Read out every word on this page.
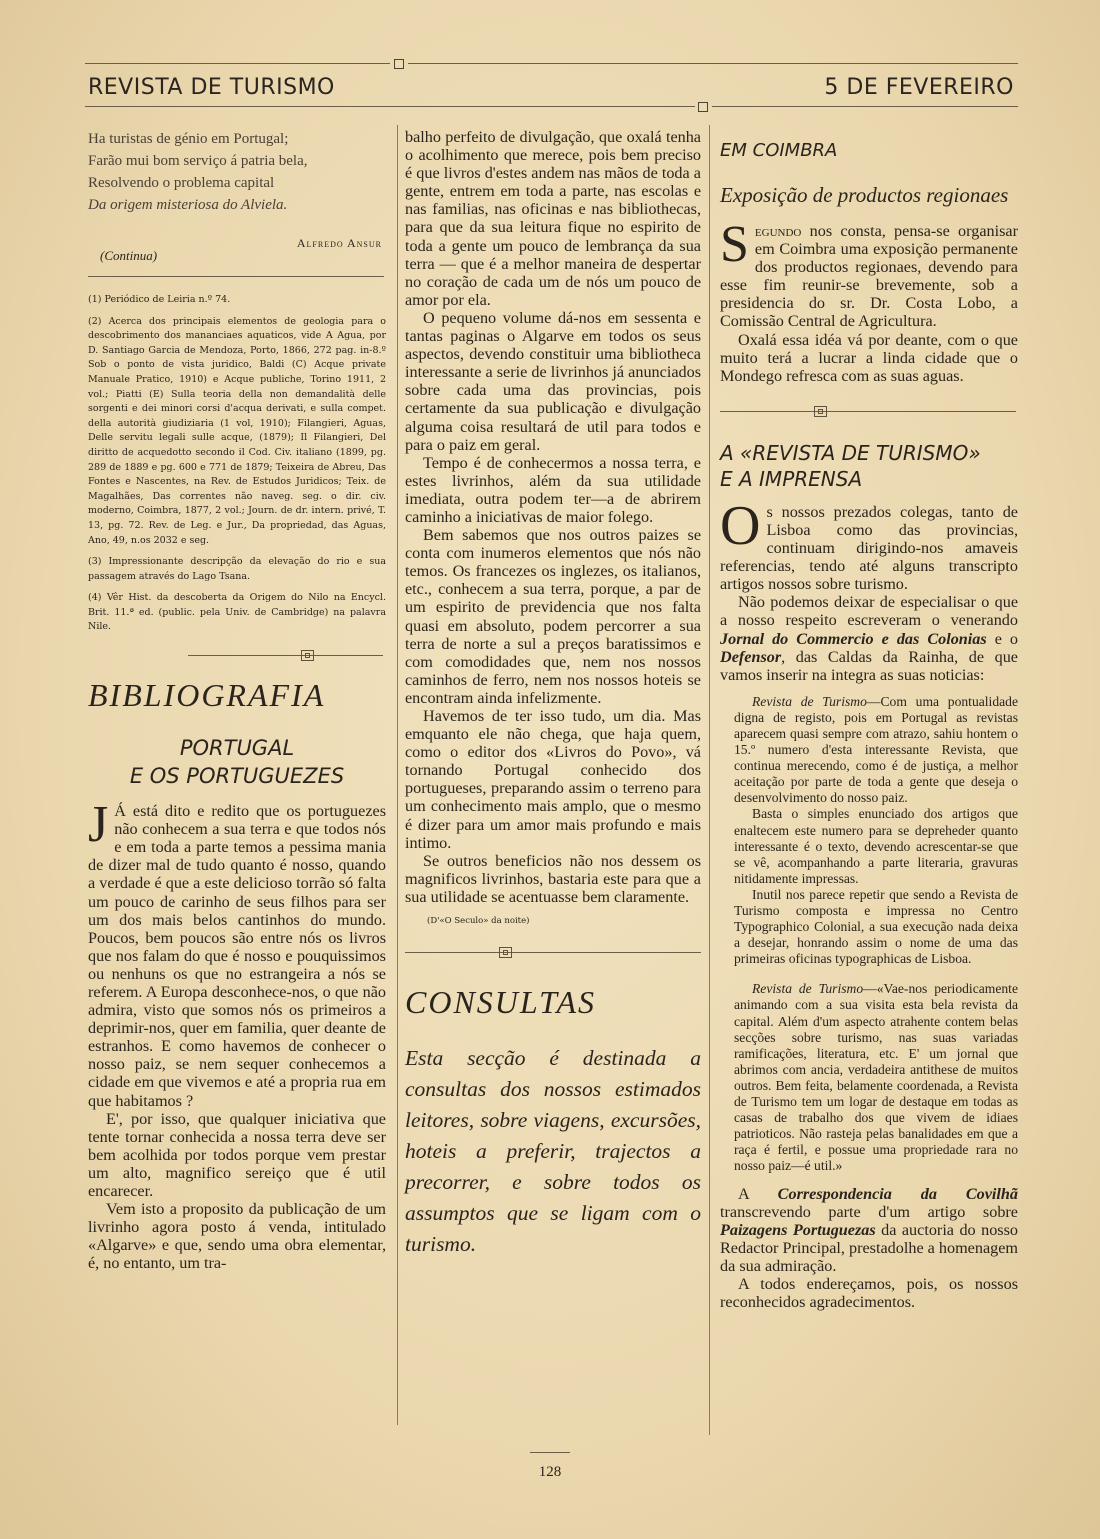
REVISTA DE TURISMO	5 DE FEVEREIRO

Ha turistas de génio em Portugal;

Farão mui bom serviço á patria bela,

Resolvendo o problema capital

Da origem misteriosa do Alviela.

Alfredo Ansur
(Continua)

(1) Periódico de Leiria n.º 74.

(2) Acerca dos principais elementos de geologia para o descobrimento dos mananciaes aquaticos, vide A Agua, por D. Santiago Garcia de Mendoza, Porto, 1866, 272 pag. in-8.º Sob o ponto de vista juridico, Baldi (C) Acque private Manuale Pratico, 1910) e Acque publiche, Torino 1911, 2 vol.; Piatti (E) Sulla teoria della non demandalità delle sorgenti e dei minori corsi d'acqua derivati, e sulla compet. della autorità giudiziaria (1 vol, 1910); Filangieri, Aguas, Delle servitu legali sulle acque, (1879); Il Filangieri, Del diritto de acquedotto secondo il Cod. Civ. italiano (1899, pg. 289 de 1889 e pg. 600 e 771 de 1879; Teixeira de Abreu, Das Fontes e Nascentes, na Rev. de Estudos Juridicos; Teix. de Magalhães, Das correntes não naveg. seg. o dir. civ. moderno, Coimbra, 1877, 2 vol.; Journ. de dr. intern. privé, T. 13, pg. 72. Rev. de Leg. e Jur., Da propriedad, das Aguas, Ano, 49, n.os 2032 e seg.

(3) Impressionante descripção da elevação do rio e sua passagem através do Lago Tsana.

(4) Vêr Hist. da descoberta da Origem do Nilo na Encycl. Brit. 11.ª ed. (public. pela Univ. de Cambridge) na palavra Nile.

BIBLIOGRAFIA
PORTUGAL
E OS PORTUGUEZES

J Á está dito e redito que os portuguezes não conhecem a sua terra e que todos nós e em toda a parte temos a pessima mania de dizer mal de tudo quanto é nosso, quando a verdade é que a este delicioso torrão só falta um pouco de carinho de seus filhos para ser um dos mais belos cantinhos do mundo. Poucos, bem poucos são entre nós os livros que nos falam do que é nosso e pouquissimos ou nenhuns os que no estrangeira a nós se referem. A Europa desconhece-nos, o que não admira, visto que somos nós os primeiros a deprimir-nos, quer em familia, quer deante de estranhos. E como havemos de conhecer o nosso paiz, se nem sequer conhecemos a cidade em que vivemos e até a propria rua em que habitamos ?

E', por isso, que qualquer iniciativa que tente tornar conhecida a nossa terra deve ser bem acolhida por todos porque vem prestar um alto, magnifico sereiço que é util encarecer.

Vem isto a proposito da publicação de um livrinho agora posto á venda, intitulado «Algarve» e que, sendo uma obra elementar, é, no entanto, um tra-

balho perfeito de divulgação, que oxalá tenha o acolhimento que merece, pois bem preciso é que livros d'estes andem nas mãos de toda a gente, entrem em toda a parte, nas escolas e nas familias, nas oficinas e nas bibliothecas, para que da sua leitura fique no espirito de toda a gente um pouco de lembrança da sua terra — que é a melhor maneira de despertar no coração de cada um de nós um pouco de amor por ela.

O pequeno volume dá-nos em sessenta e tantas paginas o Algarve em todos os seus aspectos, devendo constituir uma bibliotheca interessante a serie de livrinhos já anunciados sobre cada uma das provincias, pois certamente da sua publicação e divulgação alguma coisa resultará de util para todos e para o paiz em geral.

Tempo é de conhecermos a nossa terra, e estes livrinhos, além da sua utilidade imediata, outra podem ter—a de abrirem caminho a iniciativas de maior folego.

Bem sabemos que nos outros paizes se conta com inumeros elementos que nós não temos. Os francezes os inglezes, os italianos, etc., conhecem a sua terra, porque, a par de um espirito de previdencia que nos falta quasi em absoluto, podem percorrer a sua terra de norte a sul a preços baratissimos e com comodidades que, nem nos nossos caminhos de ferro, nem nos nossos hoteis se encontram ainda infelizmente.

Havemos de ter isso tudo, um dia. Mas emquanto ele não chega, que haja quem, como o editor dos «Livros do Povo», vá tornando Portugal conhecido dos portugueses, preparando assim o terreno para um conhecimento mais amplo, que o mesmo é dizer para um amor mais profundo e mais intimo.

Se outros beneficios não nos dessem os magnificos livrinhos, bastaria este para que a sua utilidade se acentuasse bem claramente.

(D'«O Seculo» da noite)
CONSULTAS
Esta secção é destinada a consultas dos nossos estimados leitores, sobre viagens, excursões, hoteis a preferir, trajectos a precorrer, e sobre todos os assumptos que se ligam com o turismo.
EM COIMBRA
Exposição de productos regionaes

Segundo nos consta, pensa-se organisar em Coimbra uma exposição permanente dos productos regionaes, devendo para esse fim reunir-se brevemente, sob a presidencia do sr. Dr. Costa Lobo, a Comissão Central de Agricultura.

Oxalá essa idéa vá por deante, com o que muito terá a lucrar a linda cidade que o Mondego refresca com as suas aguas.

A «REVISTA DE TURISMO»
E A IMPRENSA

Os nossos prezados colegas, tanto de Lisboa como das provincias, continuam dirigindo-nos amaveis referencias, tendo até alguns transcripto artigos nossos sobre turismo.

Não podemos deixar de especialisar o que a nosso respeito escreveram o venerando Jornal do Commercio e das Colonias e o Defensor, das Caldas da Rainha, de que vamos inserir na integra as suas noticias:

Revista de Turismo—Com uma pontualidade digna de registo, pois em Portugal as revistas aparecem quasi sempre com atrazo, sahiu hontem o 15.º numero d'esta interessante Revista, que continua merecendo, como é de justiça, a melhor aceitação por parte de toda a gente que deseja o desenvolvimento do nosso paiz.

Basta o simples enunciado dos artigos que enaltecem este numero para se depreheder quanto interessante é o texto, devendo acrescentar-se que se vê, acompanhando a parte literaria, gravuras nitidamente impressas.

Inutil nos parece repetir que sendo a Revista de Turismo composta e impressa no Centro Typographico Colonial, a sua execução nada deixa a desejar, honrando assim o nome de uma das primeiras oficinas typographicas de Lisboa.

Revista de Turismo—«Vae-nos periodicamente animando com a sua visita esta bela revista da capital. Além d'um aspecto atrahente contem belas secções sobre turismo, nas suas variadas ramificações, literatura, etc. E' um jornal que abrimos com ancia, verdadeira antithese de muitos outros. Bem feita, belamente coordenada, a Revista de Turismo tem um logar de destaque em todas as casas de trabalho dos que vivem de idiaes patrioticos. Não rasteja pelas banalidades em que a raça é fertil, e possue uma propriedade rara no nosso paiz—é util.»

A Correspondencia da Covilhã transcrevendo parte d'um artigo sobre Paizagens Portuguezas da auctoria do nosso Redactor Principal, prestadolhe a homenagem da sua admiração.

A todos endereçamos, pois, os nossos reconhecidos agradecimentos.

128
